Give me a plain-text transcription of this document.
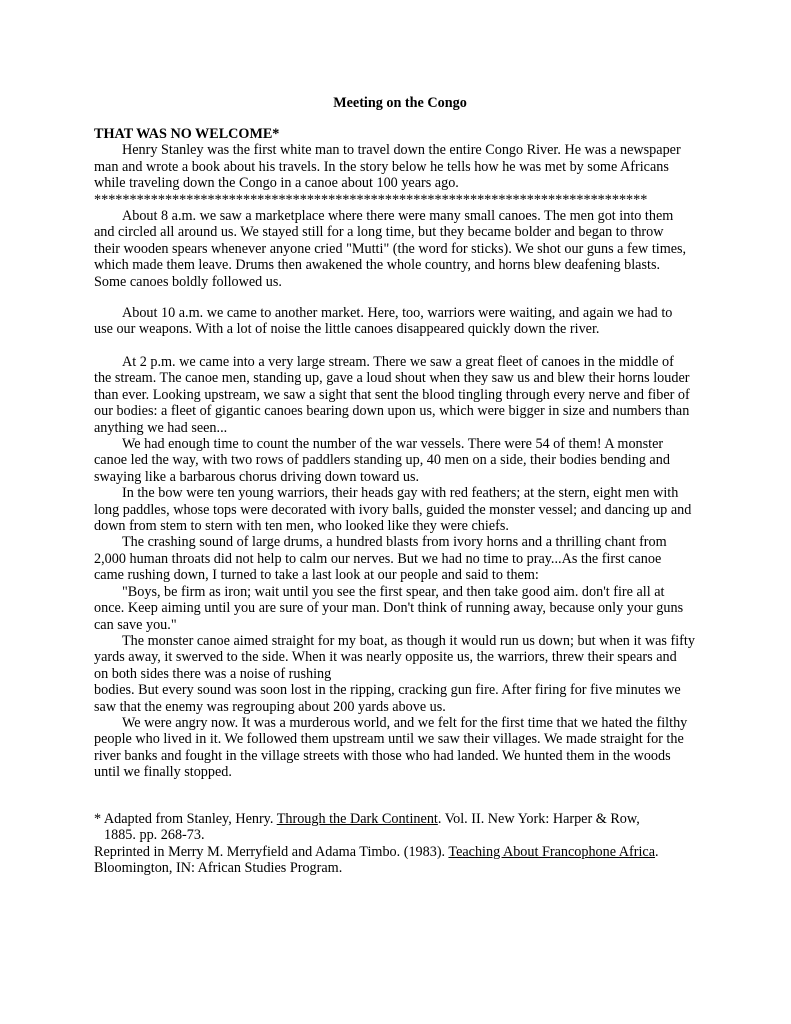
Meeting on the Congo
THAT WAS NO WELCOME*
Henry Stanley was the first white man to travel down the entire Congo River. He was a newspaper
man and wrote a book about his travels. In the story below he tells how he was met by some Africans
while traveling down the Congo in a canoe about 100 years ago.
******************************************************************************
About 8 a.m. we saw a marketplace where there were many small canoes. The men got into them
and circled all around us. We stayed still for a long time, but they became bolder and began to throw
their wooden spears whenever anyone cried "Mutti" (the word for sticks). We shot our guns a few times,
which made them leave. Drums then awakened the whole country, and horns blew deafening blasts.
Some canoes boldly followed us.
About 10 a.m. we came to another market. Here, too, warriors were waiting, and again we had to
use our weapons. With a lot of noise the little canoes disappeared quickly down the river.
At 2 p.m. we came into a very large stream. There we saw a great fleet of canoes in the middle of
the stream. The canoe men, standing up, gave a loud shout when they saw us and blew their horns louder
than ever. Looking upstream, we saw a sight that sent the blood tingling through every nerve and fiber of
our bodies: a fleet of gigantic canoes bearing down upon us, which were bigger in size and numbers than
anything we had seen...
We had enough time to count the number of the war vessels. There were 54 of them! A monster
canoe led the way, with two rows of paddlers standing up, 40 men on a side, their bodies bending and
swaying like a barbarous chorus driving down toward us.
In the bow were ten young warriors, their heads gay with red feathers; at the stern, eight men with
long paddles, whose tops were decorated with ivory balls, guided the monster vessel; and dancing up and
down from stem to stern with ten men, who looked like they were chiefs.
The crashing sound of large drums, a hundred blasts from ivory horns and a thrilling chant from
2,000 human throats did not help to calm our nerves. But we had no time to pray...As the first canoe
came rushing down, I turned to take a last look at our people and said to them:
"Boys, be firm as iron; wait until you see the first spear, and then take good aim. don't fire all at
once. Keep aiming until you are sure of your man. Don't think of running away, because only your guns
can save you."
The monster canoe aimed straight for my boat, as though it would run us down; but when it was fifty
yards away, it swerved to the side. When it was nearly opposite us, the warriors, threw their spears and
on both sides there was a noise of rushing
bodies. But every sound was soon lost in the ripping, cracking gun fire. After firing for five minutes we
saw that the enemy was regrouping about 200 yards above us.
We were angry now. It was a murderous world, and we felt for the first time that we hated the filthy
people who lived in it. We followed them upstream until we saw their villages. We made straight for the
river banks and fought in the village streets with those who had landed. We hunted them in the woods
until we finally stopped.
* Adapted from Stanley, Henry. Through the Dark Continent. Vol. II. New York: Harper & Row,
1885. pp. 268-73.
Reprinted in Merry M. Merryfield and Adama Timbo. (1983). Teaching About Francophone Africa.
Bloomington, IN: African Studies Program.
